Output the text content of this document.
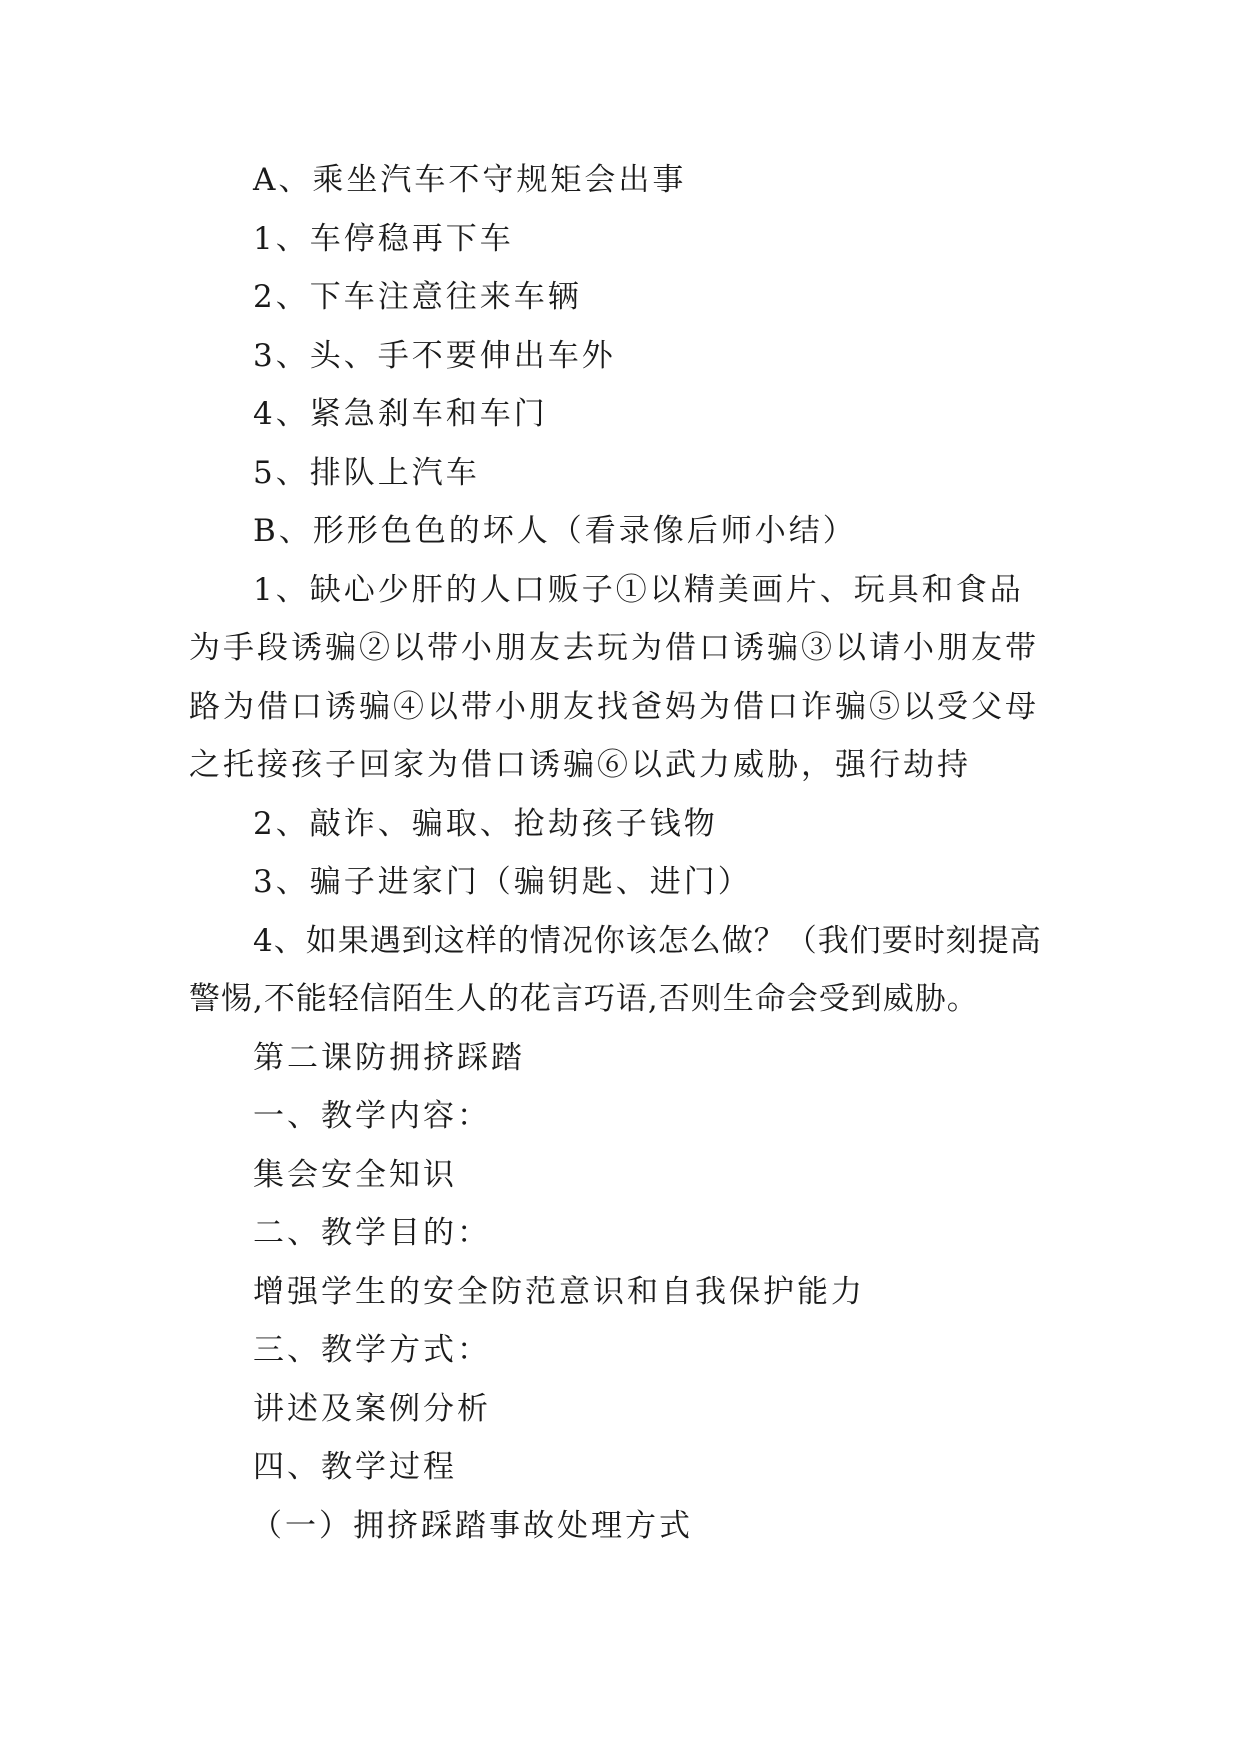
A、乘坐汽车不守规矩会出事

1、车停稳再下车

2、下车注意往来车辆

3、头、手不要伸出车外

4、紧急刹车和车门

5、排队上汽车

B、形形色色的坏人（看录像后师小结）

1、缺心少肝的人口贩子①以精美画片、玩具和食品为手段诱骗②以带小朋友去玩为借口诱骗③以请小朋友带路为借口诱骗④以带小朋友找爸妈为借口诈骗⑤以受父母之托接孩子回家为借口诱骗⑥以武力威胁，强行劫持

2、敲诈、骗取、抢劫孩子钱物

3、骗子进家门（骗钥匙、进门）

4、如果遇到这样的情况你该怎么做？（我们要时刻提高警惕,不能轻信陌生人的花言巧语,否则生命会受到威胁。

第二课防拥挤踩踏

一、教学内容：

集会安全知识

二、教学目的：

增强学生的安全防范意识和自我保护能力

三、教学方式：

讲述及案例分析

四、教学过程

（一）拥挤踩踏事故处理方式
